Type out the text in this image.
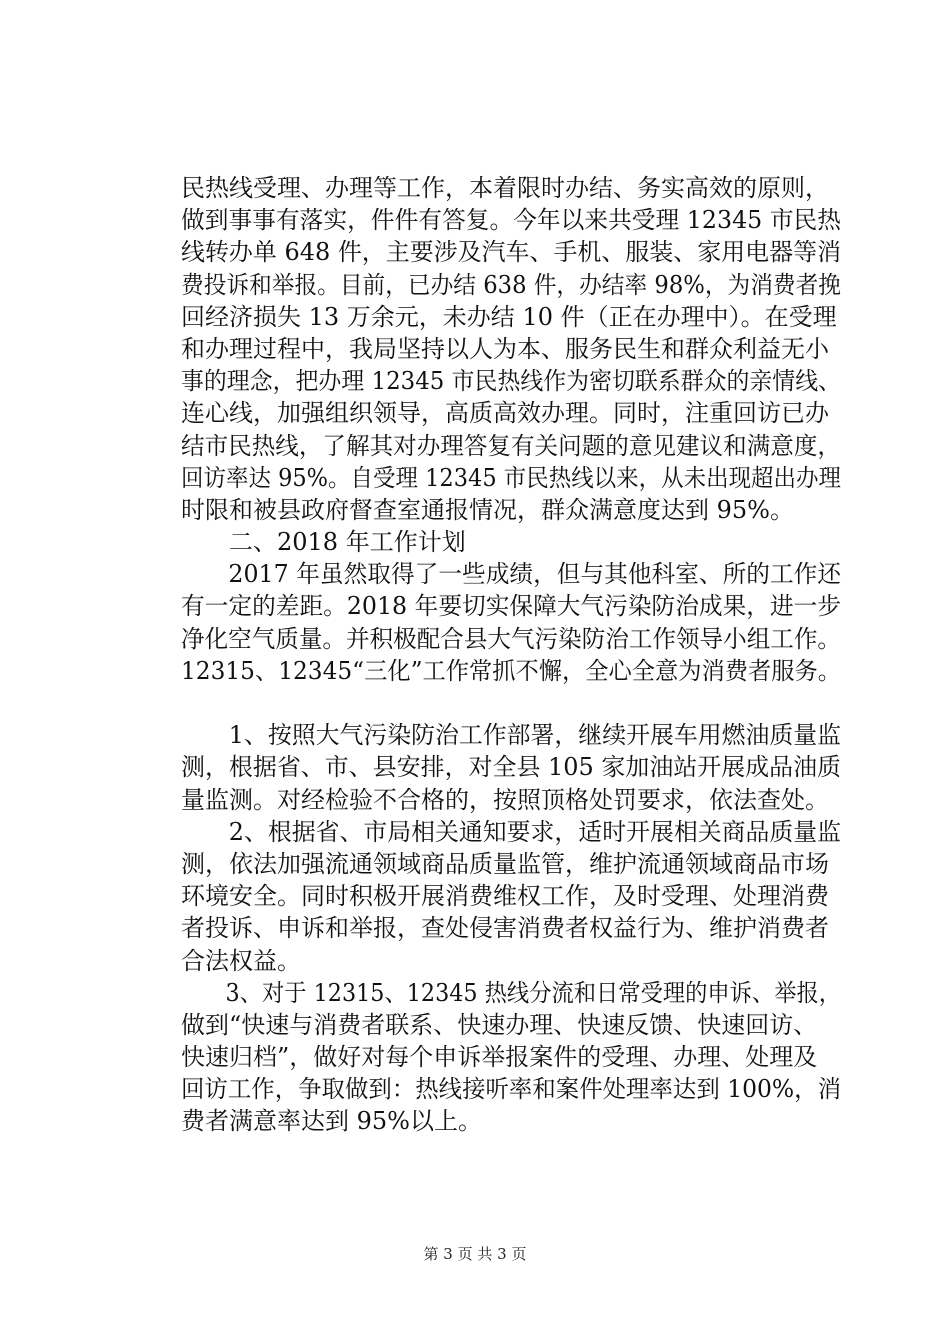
民热线受理、办理等工作，本着限时办结、务实高效的原则，
做到事事有落实，件件有答复。今年以来共受理 12345 市民热
线转办单 648 件，主要涉及汽车、手机、服装、家用电器等消
费投诉和举报。目前，已办结 638 件，办结率 98%，为消费者挽
回经济损失 13 万余元，未办结 10 件（正在办理中）。在受理
和办理过程中，我局坚持以人为本、服务民生和群众利益无小
事的理念，把办理 12345 市民热线作为密切联系群众的亲情线、
连心线，加强组织领导，高质高效办理。同时，注重回访已办
结市民热线，了解其对办理答复有关问题的意见建议和满意度，
回访率达 95%。自受理 12345 市民热线以来，从未出现超出办理
时限和被县政府督查室通报情况，群众满意度达到 95%。
二、2018 年工作计划
2017 年虽然取得了一些成绩，但与其他科室、所的工作还
有一定的差距。2018 年要切实保障大气污染防治成果，进一步
净化空气质量。并积极配合县大气污染防治工作领导小组工作。
12315、12345“三化”工作常抓不懈，全心全意为消费者服务。
1、按照大气污染防治工作部署，继续开展车用燃油质量监
测，根据省、市、县安排，对全县 105 家加油站开展成品油质
量监测。对经检验不合格的，按照顶格处罚要求，依法查处。
2、根据省、市局相关通知要求，适时开展相关商品质量监
测，依法加强流通领域商品质量监管，维护流通领域商品市场
环境安全。同时积极开展消费维权工作，及时受理、处理消费
者投诉、申诉和举报，查处侵害消费者权益行为、维护消费者
合法权益。
3、对于 12315、12345 热线分流和日常受理的申诉、举报，
做到“快速与消费者联系、快速办理、快速反馈、快速回访、
快速归档”，做好对每个申诉举报案件的受理、办理、处理及
回访工作，争取做到：热线接听率和案件处理率达到 100%，消
费者满意率达到 95%以上。
第 3 页 共 3 页
